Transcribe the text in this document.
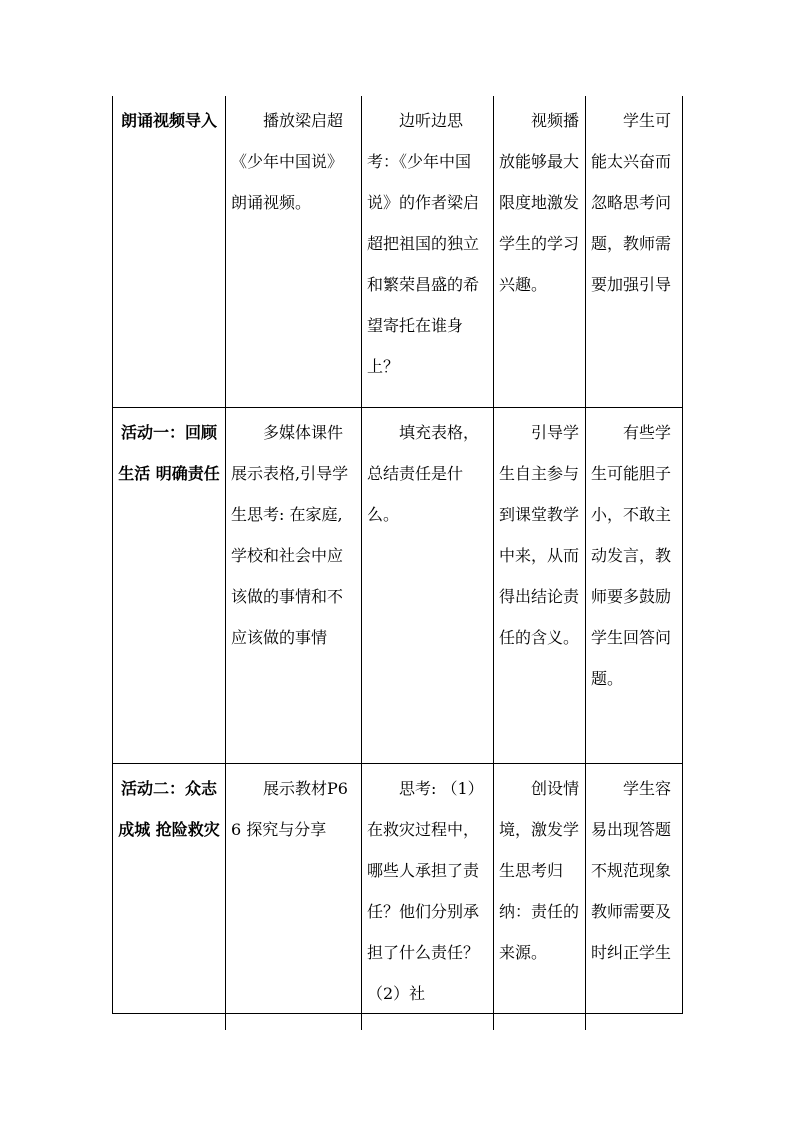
朗诵视频导入	播放梁启超《少年中国说》朗诵视频。
边听边思考：《少年中国说》的作者梁启超把祖国的独立和繁荣昌盛的希望寄托在谁身上？
视频播放能够最大限度地激发学生的学习兴趣。
学生可能太兴奋而忽略思考问题，教师需要加强引导
活动一：回顾生活 明确责任
多媒体课件展示表格,引导学生思考: 在家庭,学校和社会中应该做的事情和不应该做的事情
填充表格，总结责任是什么。
引导学生自主参与到课堂教学中来，从而得出结论责任的含义。
有些学生可能胆子小，不敢主动发言，教师要多鼓励学生回答问题。
活动二：众志成城 抢险救灾
展示教材P66 探究与分享
思考: （1）在救灾过程中，哪些人承担了责任？他们分别承担了什么责任？（2）社
创设情境，激发学生思考归纳：责任的来源。
学生容易出现答题不规范现象教师需要及时纠正学生
